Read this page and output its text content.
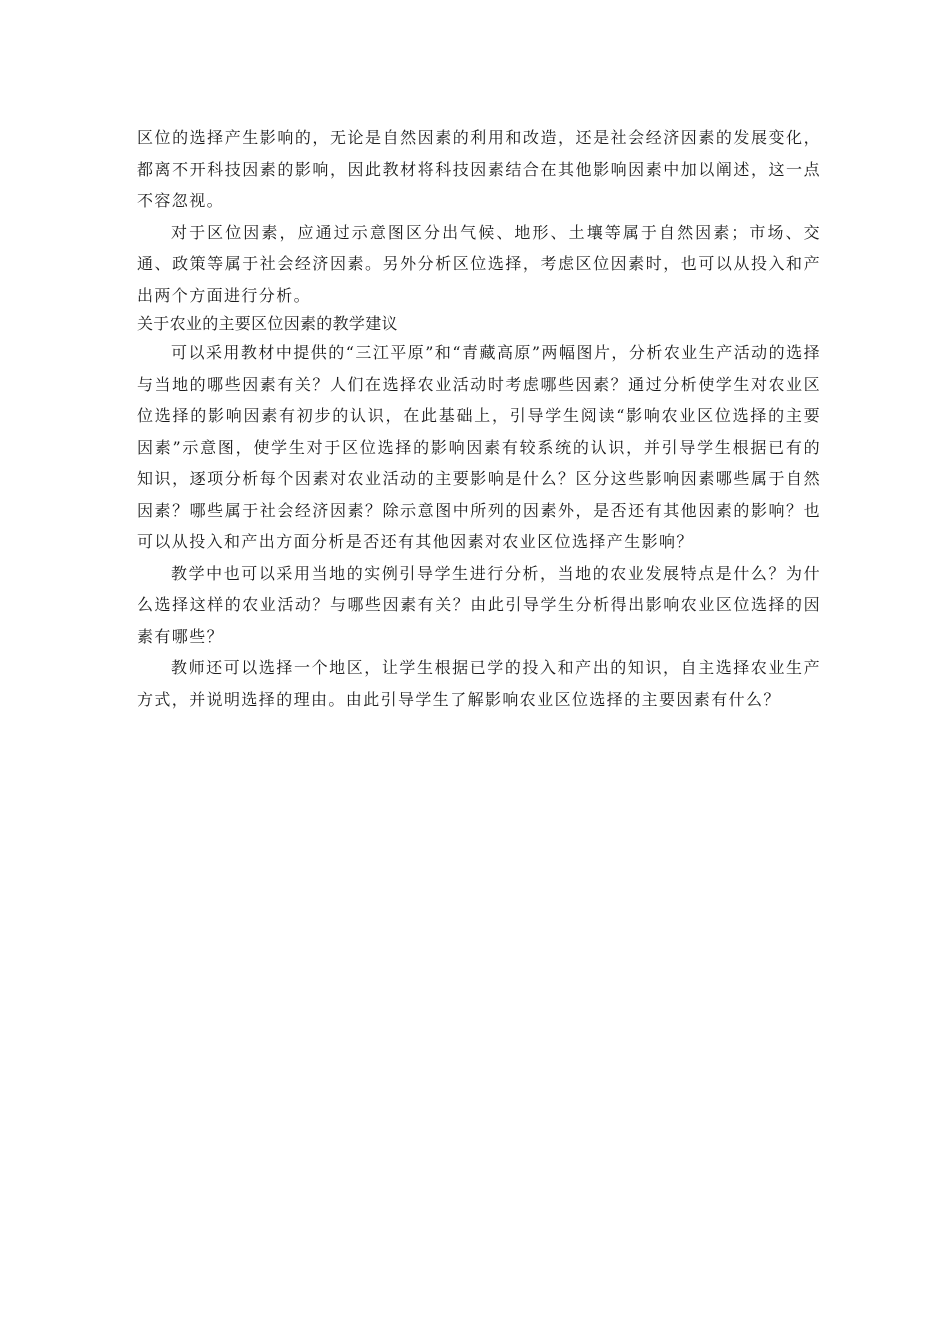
区位的选择产生影响的，无论是自然因素的利用和改造，还是社会经济因素的发展变化，都离不开科技因素的影响，因此教材将科技因素结合在其他影响因素中加以阐述，这一点不容忽视。

对于区位因素，应通过示意图区分出气候、地形、土壤等属于自然因素；市场、交通、政策等属于社会经济因素。另外分析区位选择，考虑区位因素时，也可以从投入和产出两个方面进行分析。

关于农业的主要区位因素的教学建议

可以采用教材中提供的“三江平原”和“青藏高原”两幅图片，分析农业生产活动的选择与当地的哪些因素有关？人们在选择农业活动时考虑哪些因素？通过分析使学生对农业区位选择的影响因素有初步的认识，在此基础上，引导学生阅读“影响农业区位选择的主要因素”示意图，使学生对于区位选择的影响因素有较系统的认识，并引导学生根据已有的知识，逐项分析每个因素对农业活动的主要影响是什么？区分这些影响因素哪些属于自然因素？哪些属于社会经济因素？除示意图中所列的因素外，是否还有其他因素的影响？也可以从投入和产出方面分析是否还有其他因素对农业区位选择产生影响？

教学中也可以采用当地的实例引导学生进行分析，当地的农业发展特点是什么？为什么选择这样的农业活动？与哪些因素有关？由此引导学生分析得出影响农业区位选择的因素有哪些？

教师还可以选择一个地区，让学生根据已学的投入和产出的知识，自主选择农业生产方式，并说明选择的理由。由此引导学生了解影响农业区位选择的主要因素有什么？
